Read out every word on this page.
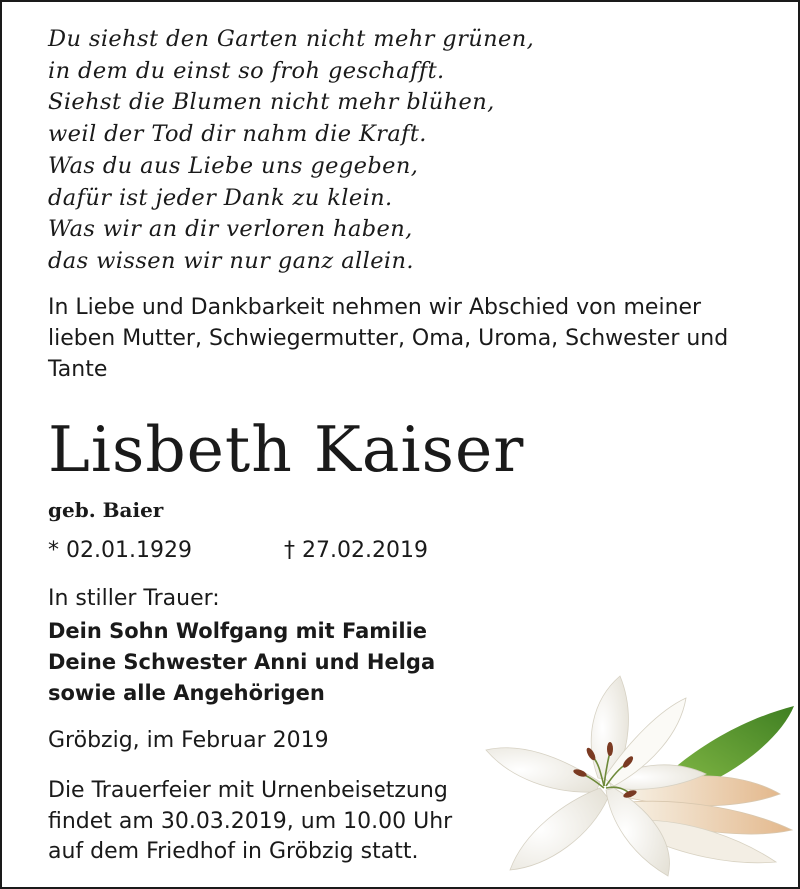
Du siehst den Garten nicht mehr grünen,
in dem du einst so froh geschafft.
Siehst die Blumen nicht mehr blühen,
weil der Tod dir nahm die Kraft.
Was du aus Liebe uns gegeben,
dafür ist jeder Dank zu klein.
Was wir an dir verloren haben,
das wissen wir nur ganz allein.
In Liebe und Dankbarkeit nehmen wir Abschied von meiner lieben Mutter, Schwiegermutter, Oma, Uroma, Schwester und Tante
Lisbeth Kaiser
geb. Baier
* 02.01.1929	† 27.02.2019
In stiller Trauer:
Dein Sohn Wolfgang mit Familie
Deine Schwester Anni und Helga
sowie alle Angehörigen
Gröbzig, im Februar 2019
Die Trauerfeier mit Urnenbeisetzung
findet am 30.03.2019, um 10.00 Uhr
auf dem Friedhof in Gröbzig statt.
